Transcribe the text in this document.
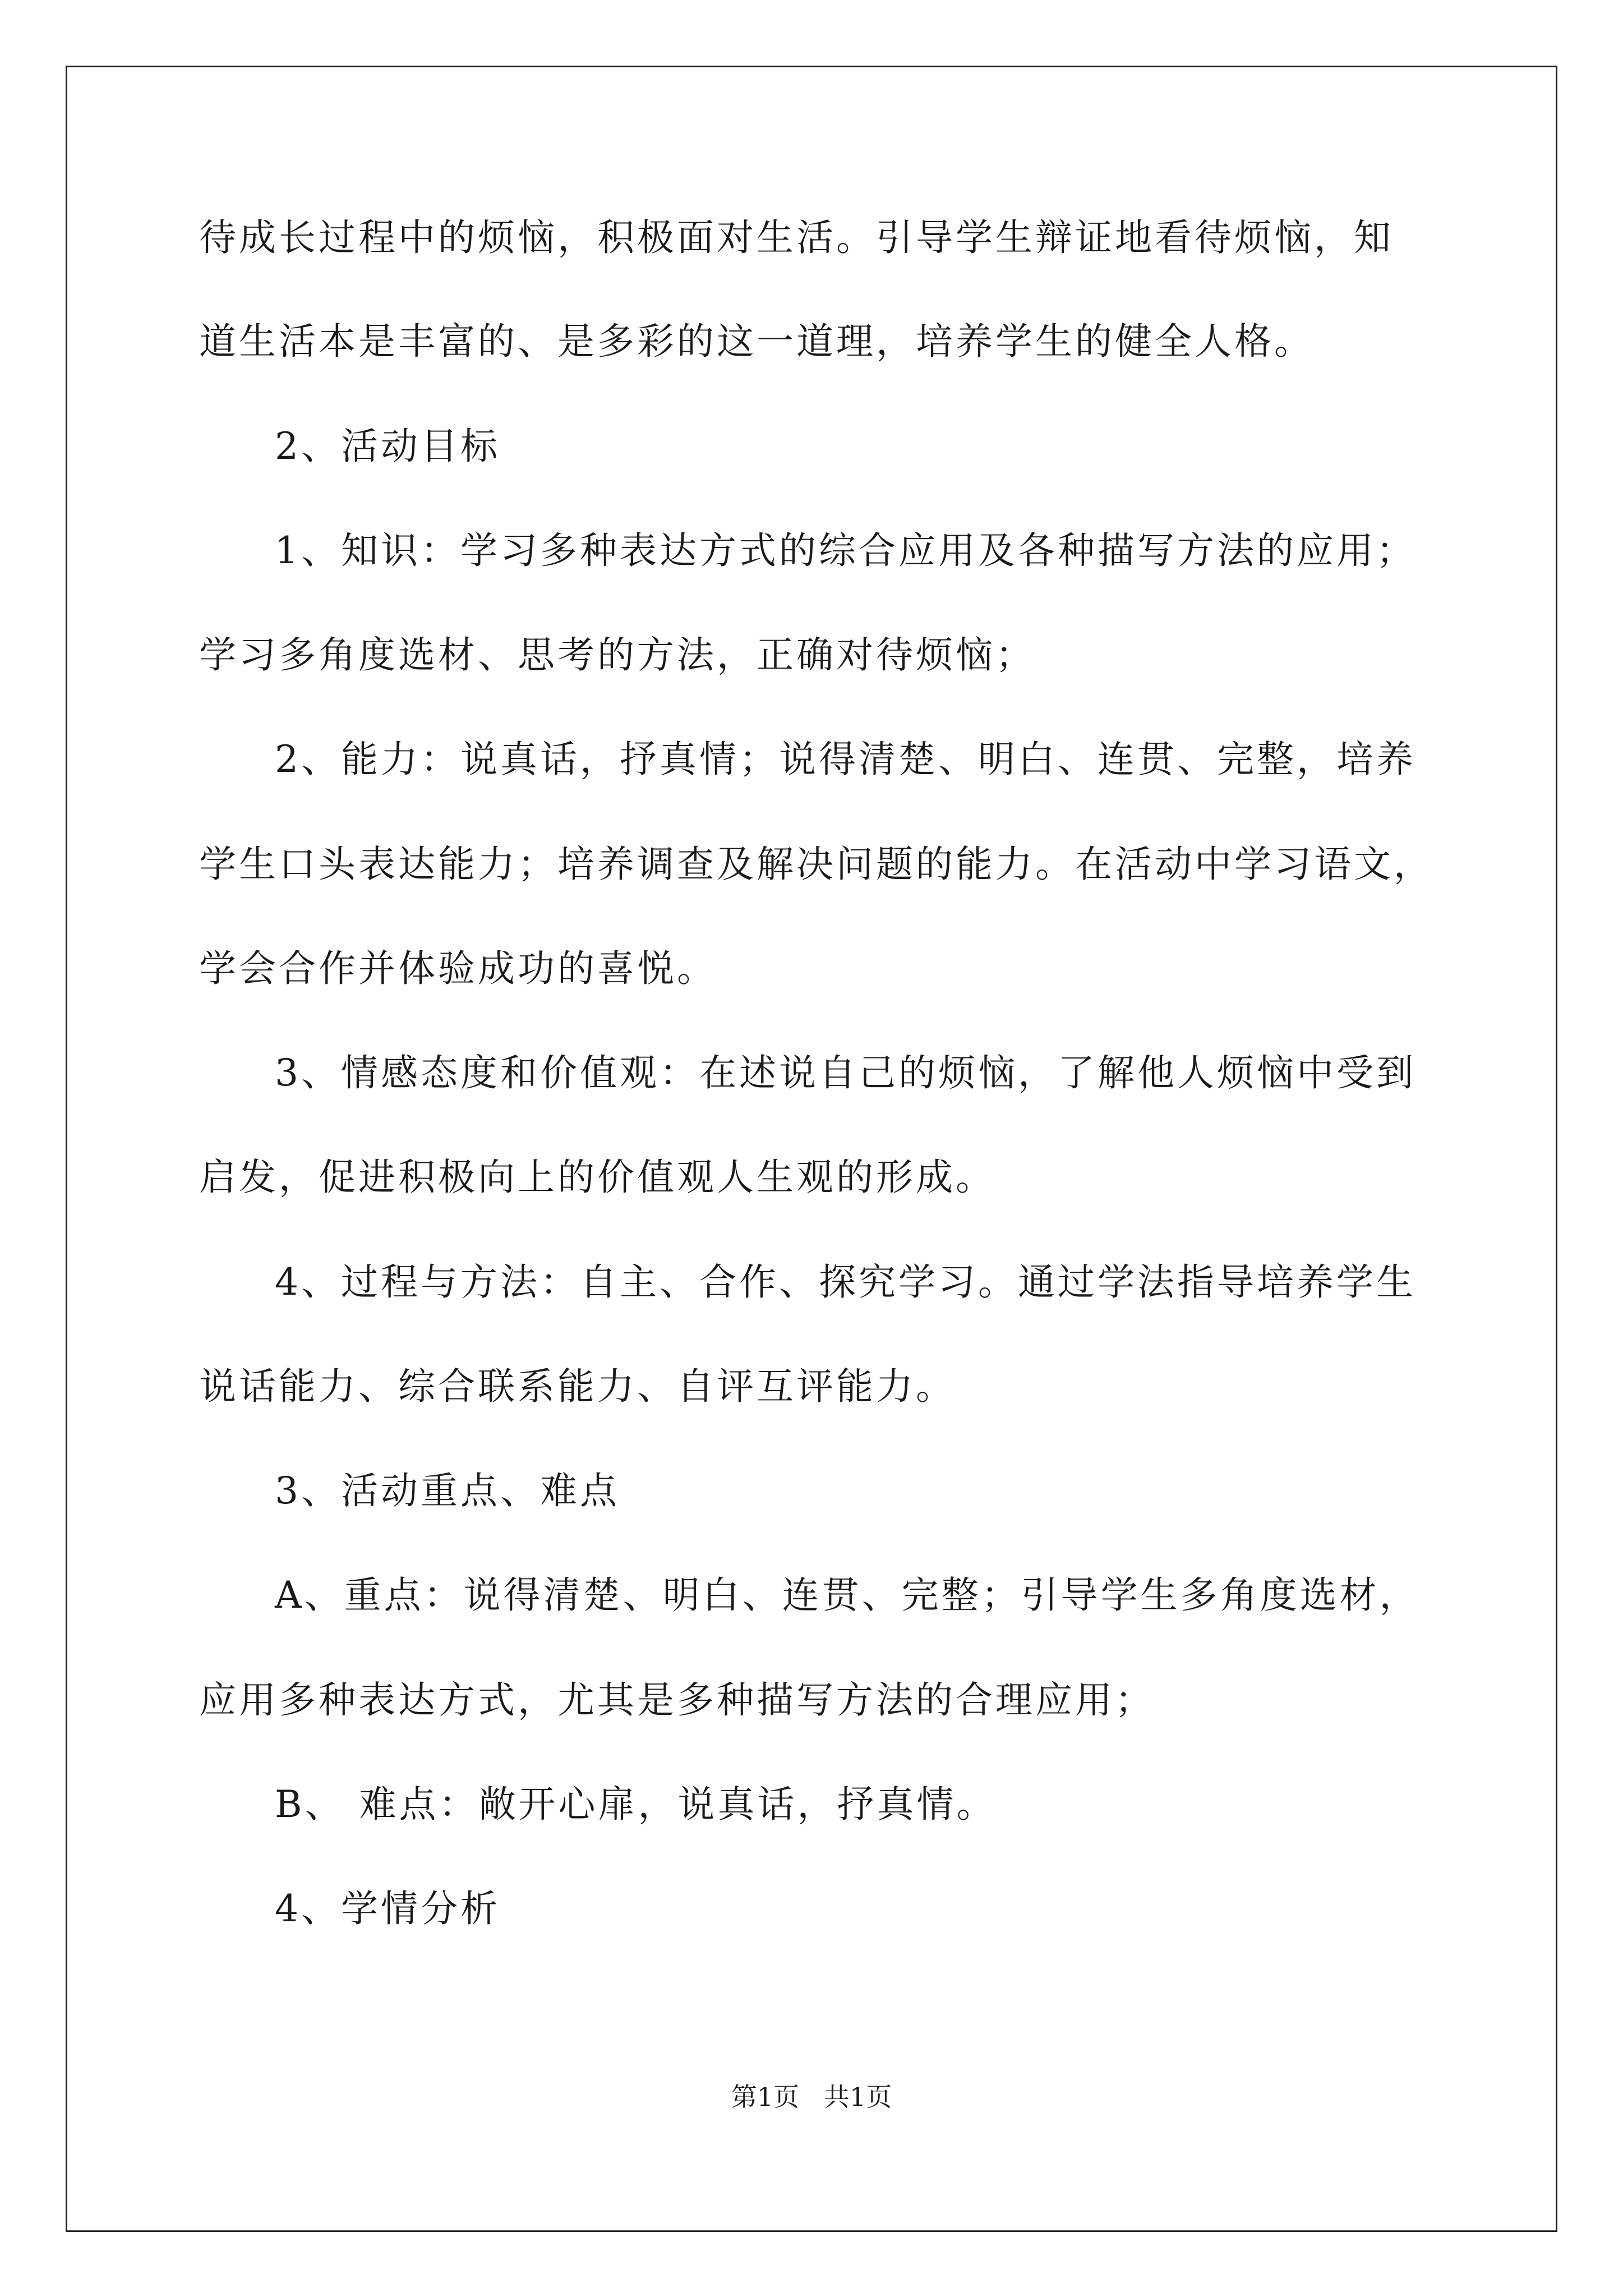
待成长过程中的烦恼，积极面对生活。引导学生辩证地看待烦恼，知
道生活本是丰富的、是多彩的这一道理，培养学生的健全人格。
2、活动目标
1、知识：学习多种表达方式的综合应用及各种描写方法的应用；
学习多角度选材、思考的方法，正确对待烦恼；
2、能力：说真话，抒真情；说得清楚、明白、连贯、完整，培养
学生口头表达能力；培养调查及解决问题的能力。在活动中学习语文，
学会合作并体验成功的喜悦。
3、情感态度和价值观：在述说自己的烦恼，了解他人烦恼中受到
启发，促进积极向上的价值观人生观的形成。
4、过程与方法：自主、合作、探究学习。通过学法指导培养学生
说话能力、综合联系能力、自评互评能力。
3、活动重点、难点
A、重点：说得清楚、明白、连贯、完整；引导学生多角度选材，
应用多种表达方式，尤其是多种描写方法的合理应用；
B、 难点：敞开心扉，说真话，抒真情。
4、学情分析
第1页   共1页
